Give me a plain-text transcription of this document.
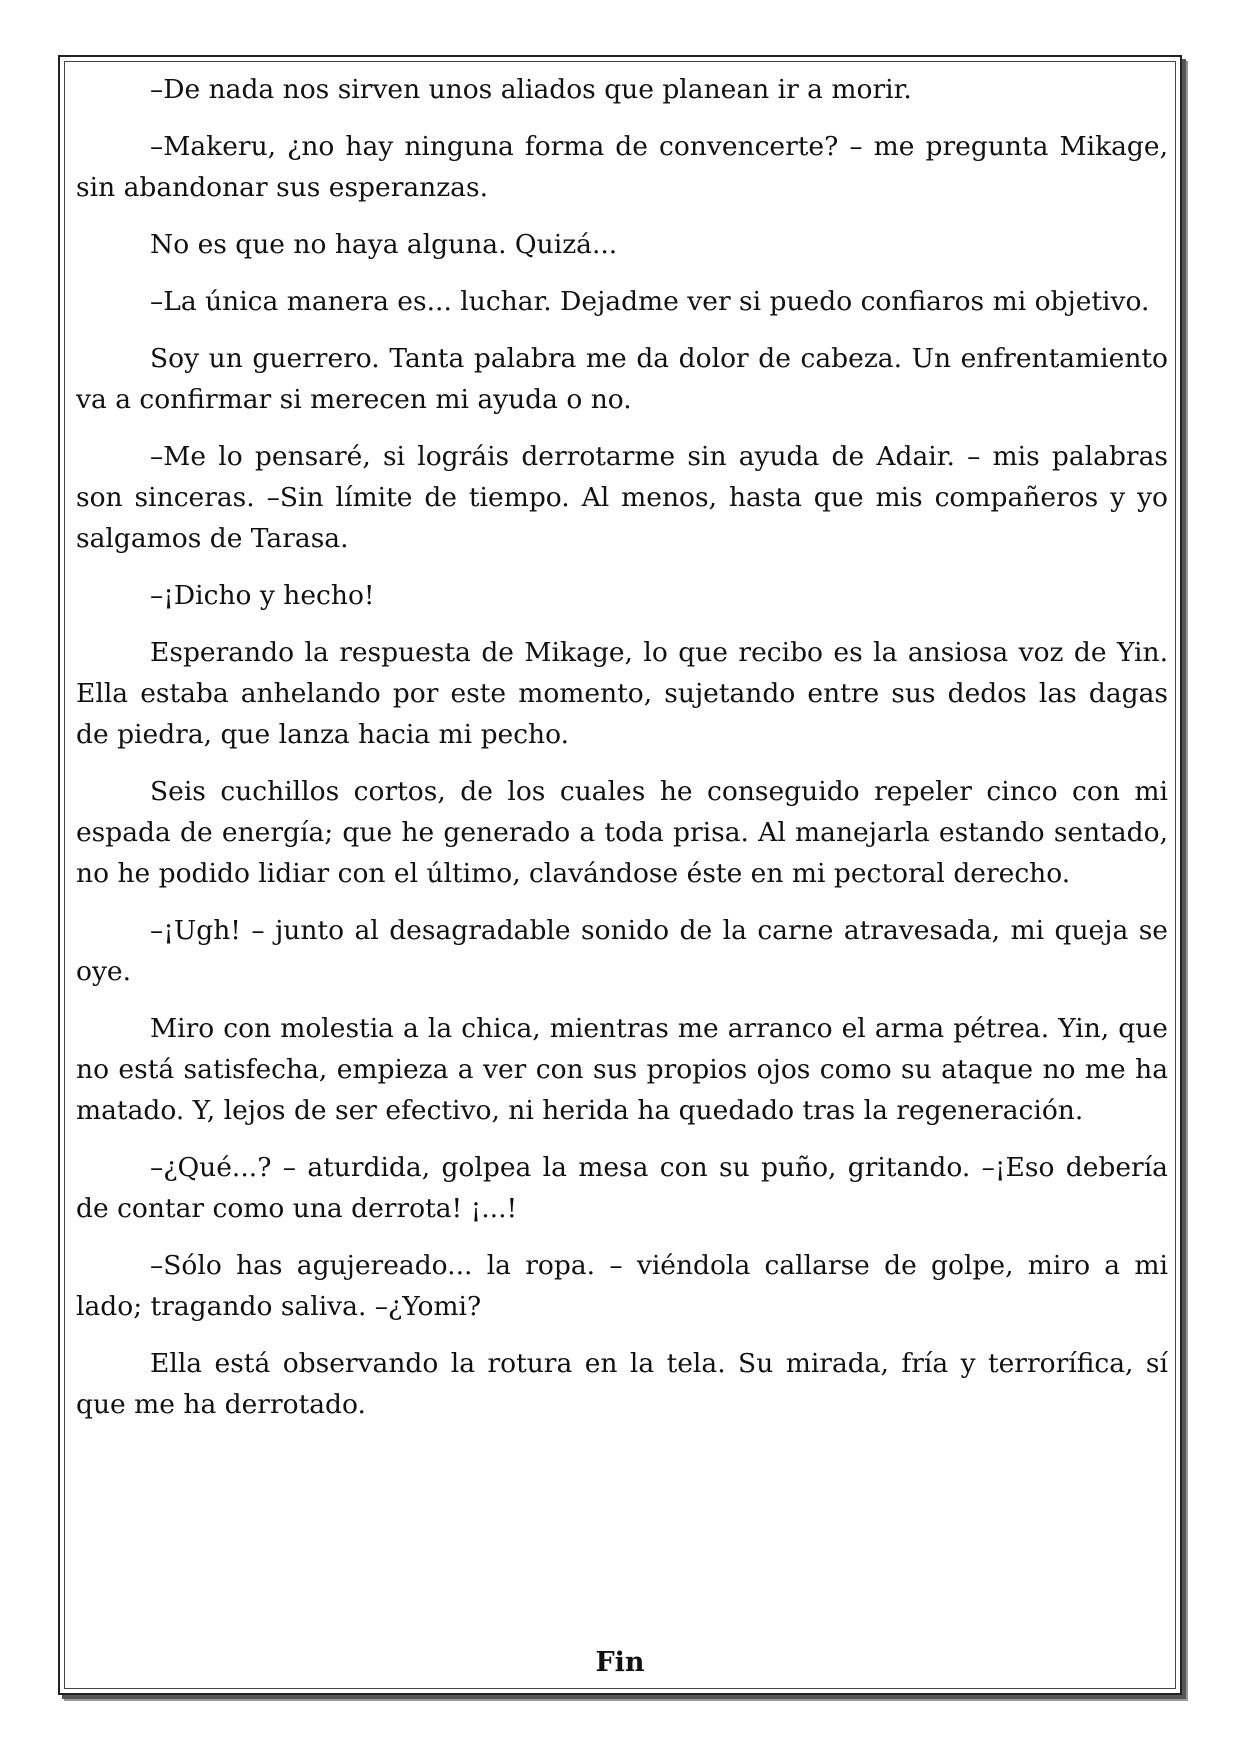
–De nada nos sirven unos aliados que planean ir a morir.

–Makeru, ¿no hay ninguna forma de convencerte? – me pregunta Mikage, sin abandonar sus esperanzas.

No es que no haya alguna. Quizá...

–La única manera es... luchar. Dejadme ver si puedo confiaros mi objetivo.

Soy un guerrero. Tanta palabra me da dolor de cabeza. Un enfrentamiento va a confirmar si merecen mi ayuda o no.

–Me lo pensaré, si lográis derrotarme sin ayuda de Adair. – mis palabras son sinceras. –Sin límite de tiempo. Al menos, hasta que mis compañeros y yo salgamos de Tarasa.

–¡Dicho y hecho!

Esperando la respuesta de Mikage, lo que recibo es la ansiosa voz de Yin. Ella estaba anhelando por este momento, sujetando entre sus dedos las dagas de piedra, que lanza hacia mi pecho.

Seis cuchillos cortos, de los cuales he conseguido repeler cinco con mi espada de energía; que he generado a toda prisa. Al manejarla estando sentado, no he podido lidiar con el último, clavándose éste en mi pectoral derecho.

–¡Ugh! – junto al desagradable sonido de la carne atravesada, mi queja se oye.

Miro con molestia a la chica, mientras me arranco el arma pétrea. Yin, que no está satisfecha, empieza a ver con sus propios ojos como su ataque no me ha matado. Y, lejos de ser efectivo, ni herida ha quedado tras la regeneración.

–¿Qué...? – aturdida, golpea la mesa con su puño, gritando. –¡Eso debería de contar como una derrota! ¡...!

–Sólo has agujereado... la ropa. – viéndola callarse de golpe, miro a mi lado; tragando saliva. –¿Yomi?

Ella está observando la rotura en la tela. Su mirada, fría y terrorífica, sí que me ha derrotado.

Fin
